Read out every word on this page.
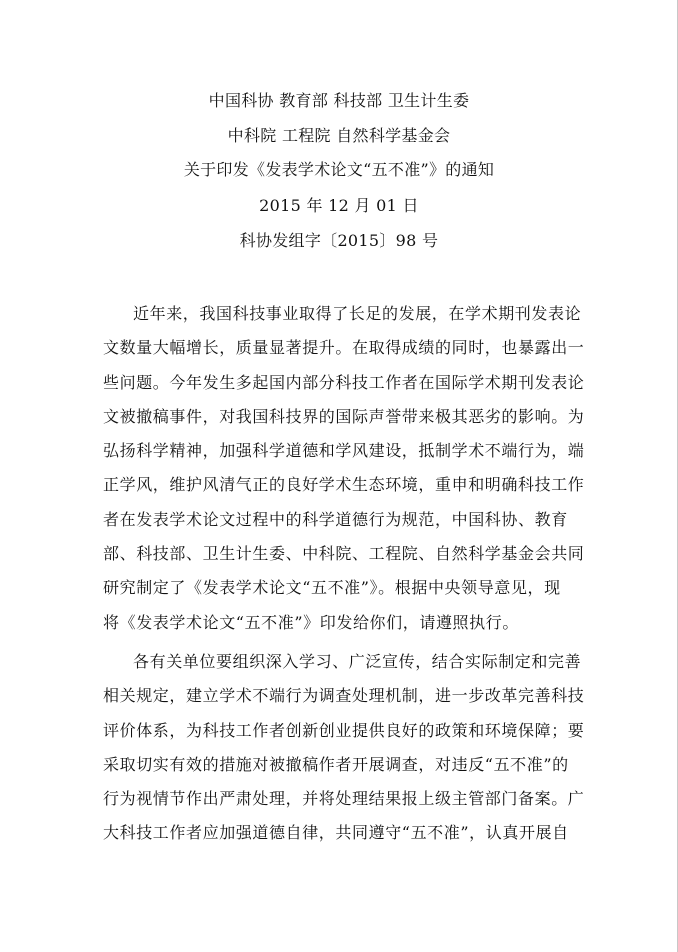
中国科协 教育部 科技部 卫生计生委
中科院 工程院 自然科学基金会
关于印发《发表学术论文“五不准”》的通知
2015 年 12 月 01 日
科协发组字〔2015〕98 号
近年来，我国科技事业取得了长足的发展，在学术期刊发表论
文数量大幅增长，质量显著提升。在取得成绩的同时，也暴露出一
些问题。今年发生多起国内部分科技工作者在国际学术期刊发表论
文被撤稿事件，对我国科技界的国际声誉带来极其恶劣的影响。为
弘扬科学精神，加强科学道德和学风建设，抵制学术不端行为，端
正学风，维护风清气正的良好学术生态环境，重申和明确科技工作
者在发表学术论文过程中的科学道德行为规范，中国科协、教育
部、科技部、卫生计生委、中科院、工程院、自然科学基金会共同
研究制定了《发表学术论文“五不准”》。根据中央领导意见，现
将《发表学术论文“五不准”》印发给你们，请遵照执行。
各有关单位要组织深入学习、广泛宣传，结合实际制定和完善
相关规定，建立学术不端行为调查处理机制，进一步改革完善科技
评价体系，为科技工作者创新创业提供良好的政策和环境保障；要
采取切实有效的措施对被撤稿作者开展调查，对违反“五不准”的
行为视情节作出严肃处理，并将处理结果报上级主管部门备案。广
大科技工作者应加强道德自律，共同遵守“五不准”，认真开展自
